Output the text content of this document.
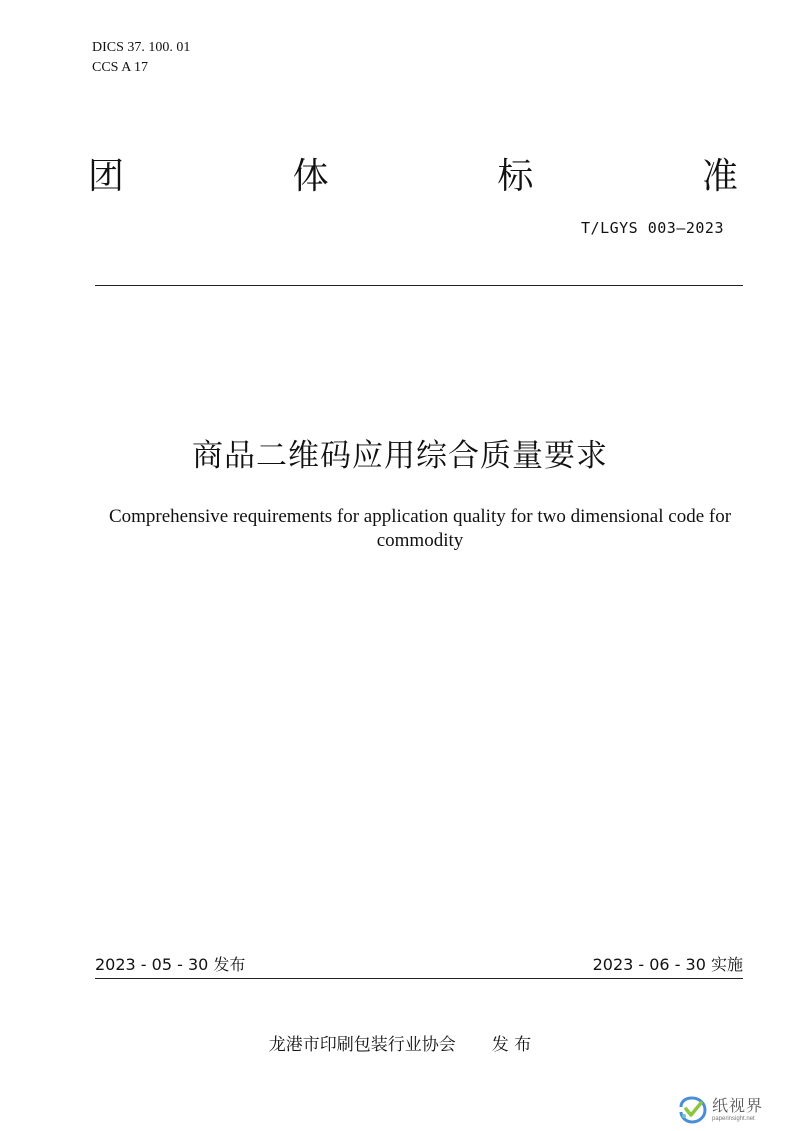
DICS 37. 100. 01
CCS A 17
团	体	标	准
T/LGYS 003—2023
商品二维码应用综合质量要求
Comprehensive requirements for application quality for two dimensional code for commodity
2023 - 05 - 30 发布	2023 - 06 - 30 实施
龙港市印刷包装行业协会 发 布
纸视界
paperinsight.net
